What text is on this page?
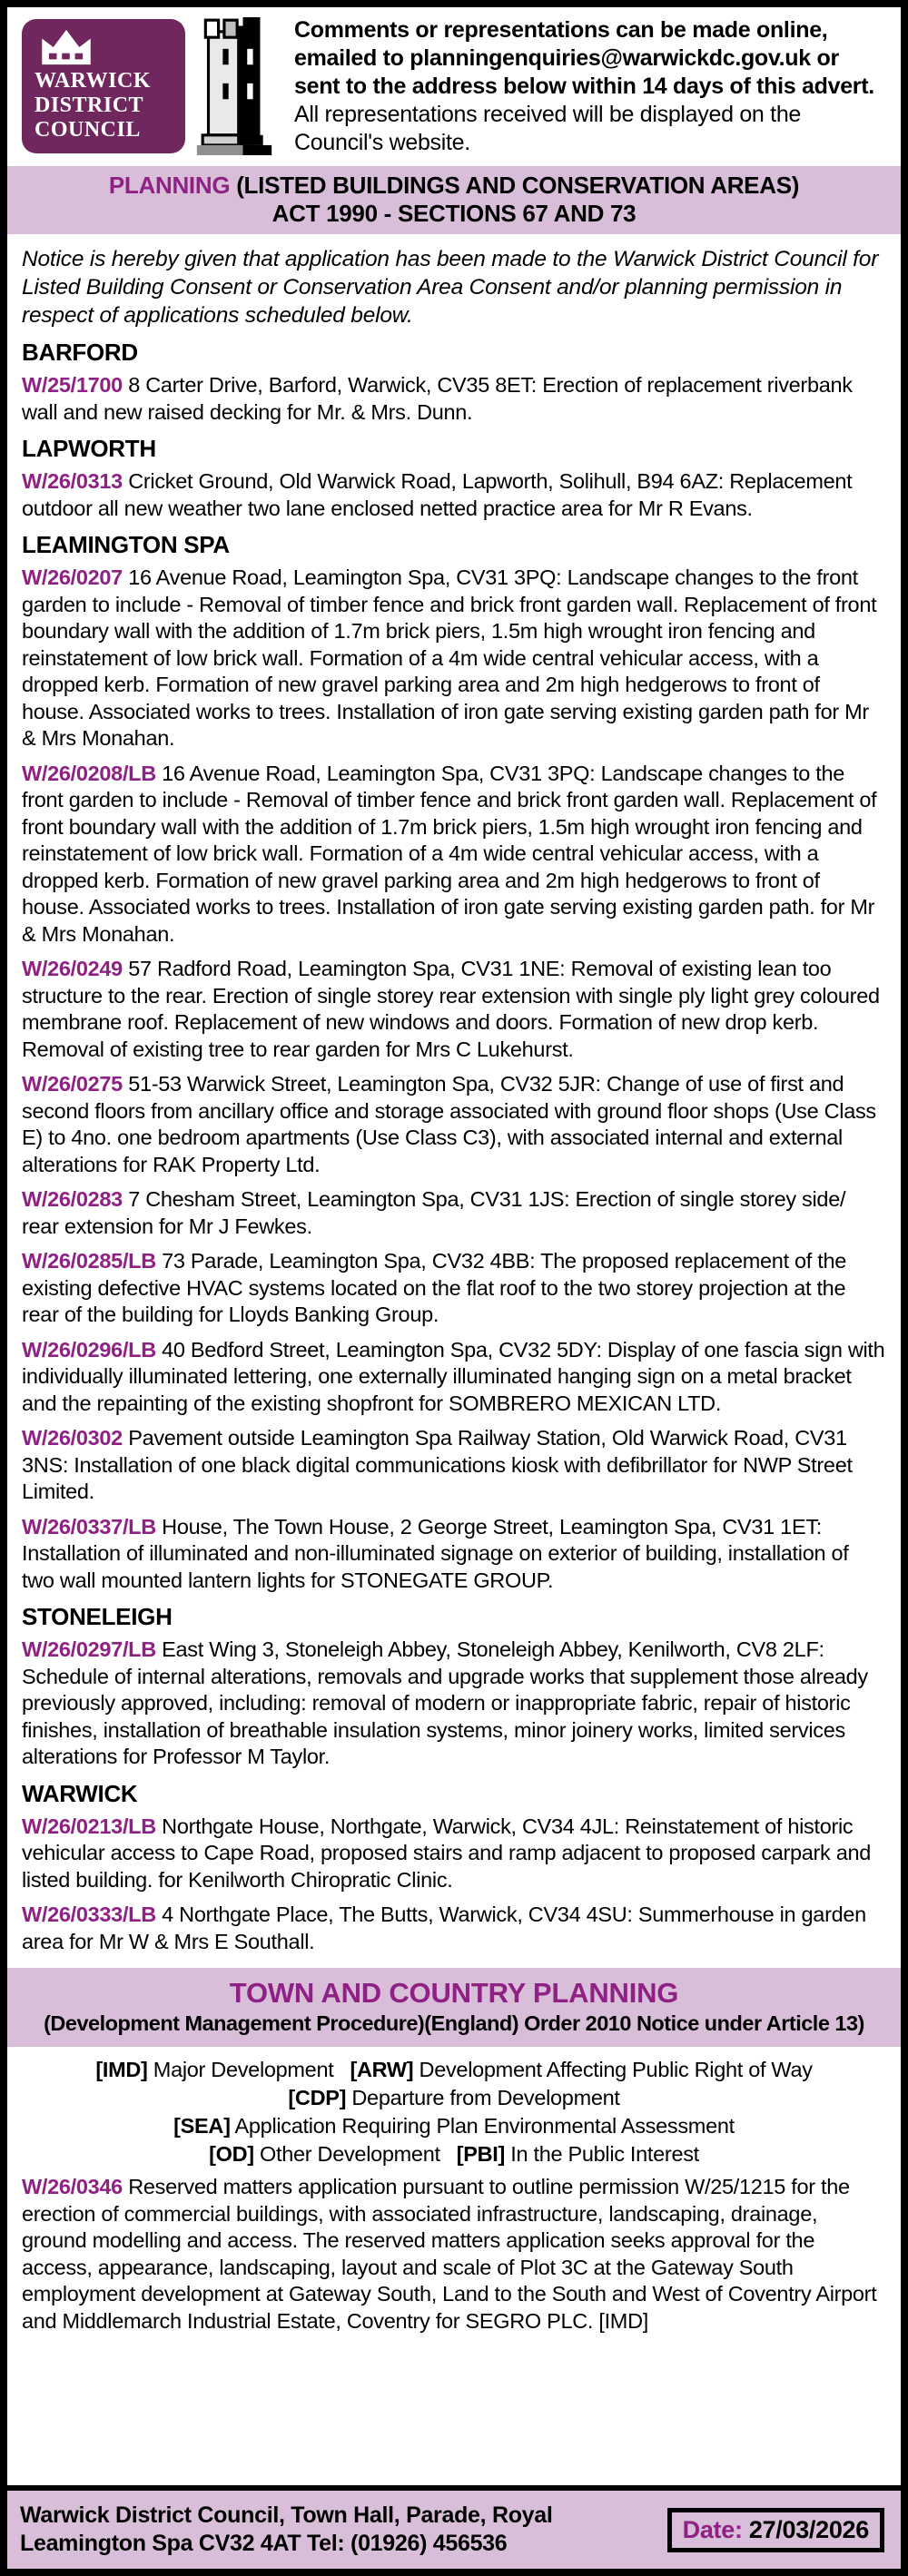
WARWICK
DISTRICT
COUNCIL

Comments or representations can be made online, emailed to planningenquiries@warwickdc.gov.uk or sent to the address below within 14 days of this advert. All representations received will be displayed on the Council's website.

PLANNING (LISTED BUILDINGS AND CONSERVATION AREAS)
ACT 1990 - SECTIONS 67 AND 73

Notice is hereby given that application has been made to the Warwick District Council for Listed Building Consent or Conservation Area Consent and/or planning permission in respect of applications scheduled below.

BARFORD

W/25/1700 8 Carter Drive, Barford, Warwick, CV35 8ET: Erection of replacement riverbank wall and new raised decking for Mr. & Mrs. Dunn.

LAPWORTH

W/26/0313 Cricket Ground, Old Warwick Road, Lapworth, Solihull, B94 6AZ: Replacement outdoor all new weather two lane enclosed netted practice area for Mr R Evans.

LEAMINGTON SPA

W/26/0207 16 Avenue Road, Leamington Spa, CV31 3PQ: Landscape changes to the front garden to include - Removal of timber fence and brick front garden wall. Replacement of front boundary wall with the addition of 1.7m brick piers, 1.5m high wrought iron fencing and reinstatement of low brick wall. Formation of a 4m wide central vehicular access, with a dropped kerb. Formation of new gravel parking area and 2m high hedgerows to front of house. Associated works to trees. Installation of iron gate serving existing garden path for Mr & Mrs Monahan.

W/26/0208/LB 16 Avenue Road, Leamington Spa, CV31 3PQ: Landscape changes to the front garden to include - Removal of timber fence and brick front garden wall. Replacement of front boundary wall with the addition of 1.7m brick piers, 1.5m high wrought iron fencing and reinstatement of low brick wall. Formation of a 4m wide central vehicular access, with a dropped kerb. Formation of new gravel parking area and 2m high hedgerows to front of house. Associated works to trees. Installation of iron gate serving existing garden path. for Mr & Mrs Monahan.

W/26/0249 57 Radford Road, Leamington Spa, CV31 1NE: Removal of existing lean too structure to the rear. Erection of single storey rear extension with single ply light grey coloured membrane roof. Replacement of new windows and doors. Formation of new drop kerb. Removal of existing tree to rear garden for Mrs C Lukehurst.

W/26/0275 51-53 Warwick Street, Leamington Spa, CV32 5JR: Change of use of first and second floors from ancillary office and storage associated with ground floor shops (Use Class E) to 4no. one bedroom apartments (Use Class C3), with associated internal and external alterations for RAK Property Ltd.

W/26/0283 7 Chesham Street, Leamington Spa, CV31 1JS: Erection of single storey side/ rear extension for Mr J Fewkes.

W/26/0285/LB 73 Parade, Leamington Spa, CV32 4BB: The proposed replacement of the existing defective HVAC systems located on the flat roof to the two storey projection at the rear of the building for Lloyds Banking Group.

W/26/0296/LB 40 Bedford Street, Leamington Spa, CV32 5DY: Display of one fascia sign with individually illuminated lettering, one externally illuminated hanging sign on a metal bracket and the repainting of the existing shopfront for SOMBRERO MEXICAN LTD.

W/26/0302 Pavement outside Leamington Spa Railway Station, Old Warwick Road, CV31 3NS: Installation of one black digital communications kiosk with defibrillator for NWP Street Limited.

W/26/0337/LB House, The Town House, 2 George Street, Leamington Spa, CV31 1ET: Installation of illuminated and non-illuminated signage on exterior of building, installation of two wall mounted lantern lights for STONEGATE GROUP.

STONELEIGH

W/26/0297/LB East Wing 3, Stoneleigh Abbey, Stoneleigh Abbey, Kenilworth, CV8 2LF: Schedule of internal alterations, removals and upgrade works that supplement those already previously approved, including: removal of modern or inappropriate fabric, repair of historic finishes, installation of breathable insulation systems, minor joinery works, limited services alterations for Professor M Taylor.

WARWICK

W/26/0213/LB Northgate House, Northgate, Warwick, CV34 4JL: Reinstatement of historic vehicular access to Cape Road, proposed stairs and ramp adjacent to proposed carpark and listed building. for Kenilworth Chiropratic Clinic.

W/26/0333/LB 4 Northgate Place, The Butts, Warwick, CV34 4SU: Summerhouse in garden area for Mr W & Mrs E Southall.

TOWN AND COUNTRY PLANNING
(Development Management Procedure)(England) Order 2010 Notice under Article 13)
[IMD] Major Development [ARW] Development Affecting Public Right of Way
[CDP] Departure from Development
[SEA] Application Requiring Plan Environmental Assessment
[OD] Other Development [PBI] In the Public Interest

W/26/0346 Reserved matters application pursuant to outline permission W/25/1215 for the erection of commercial buildings, with associated infrastructure, landscaping, drainage, ground modelling and access. The reserved matters application seeks approval for the access, appearance, landscaping, layout and scale of Plot 3C at the Gateway South employment development at Gateway South, Land to the South and West of Coventry Airport and Middlemarch Industrial Estate, Coventry for SEGRO PLC. [IMD]

Warwick District Council, Town Hall, Parade, Royal
Leamington Spa CV32 4AT Tel: (01926) 456536

Date: 27/03/2026
